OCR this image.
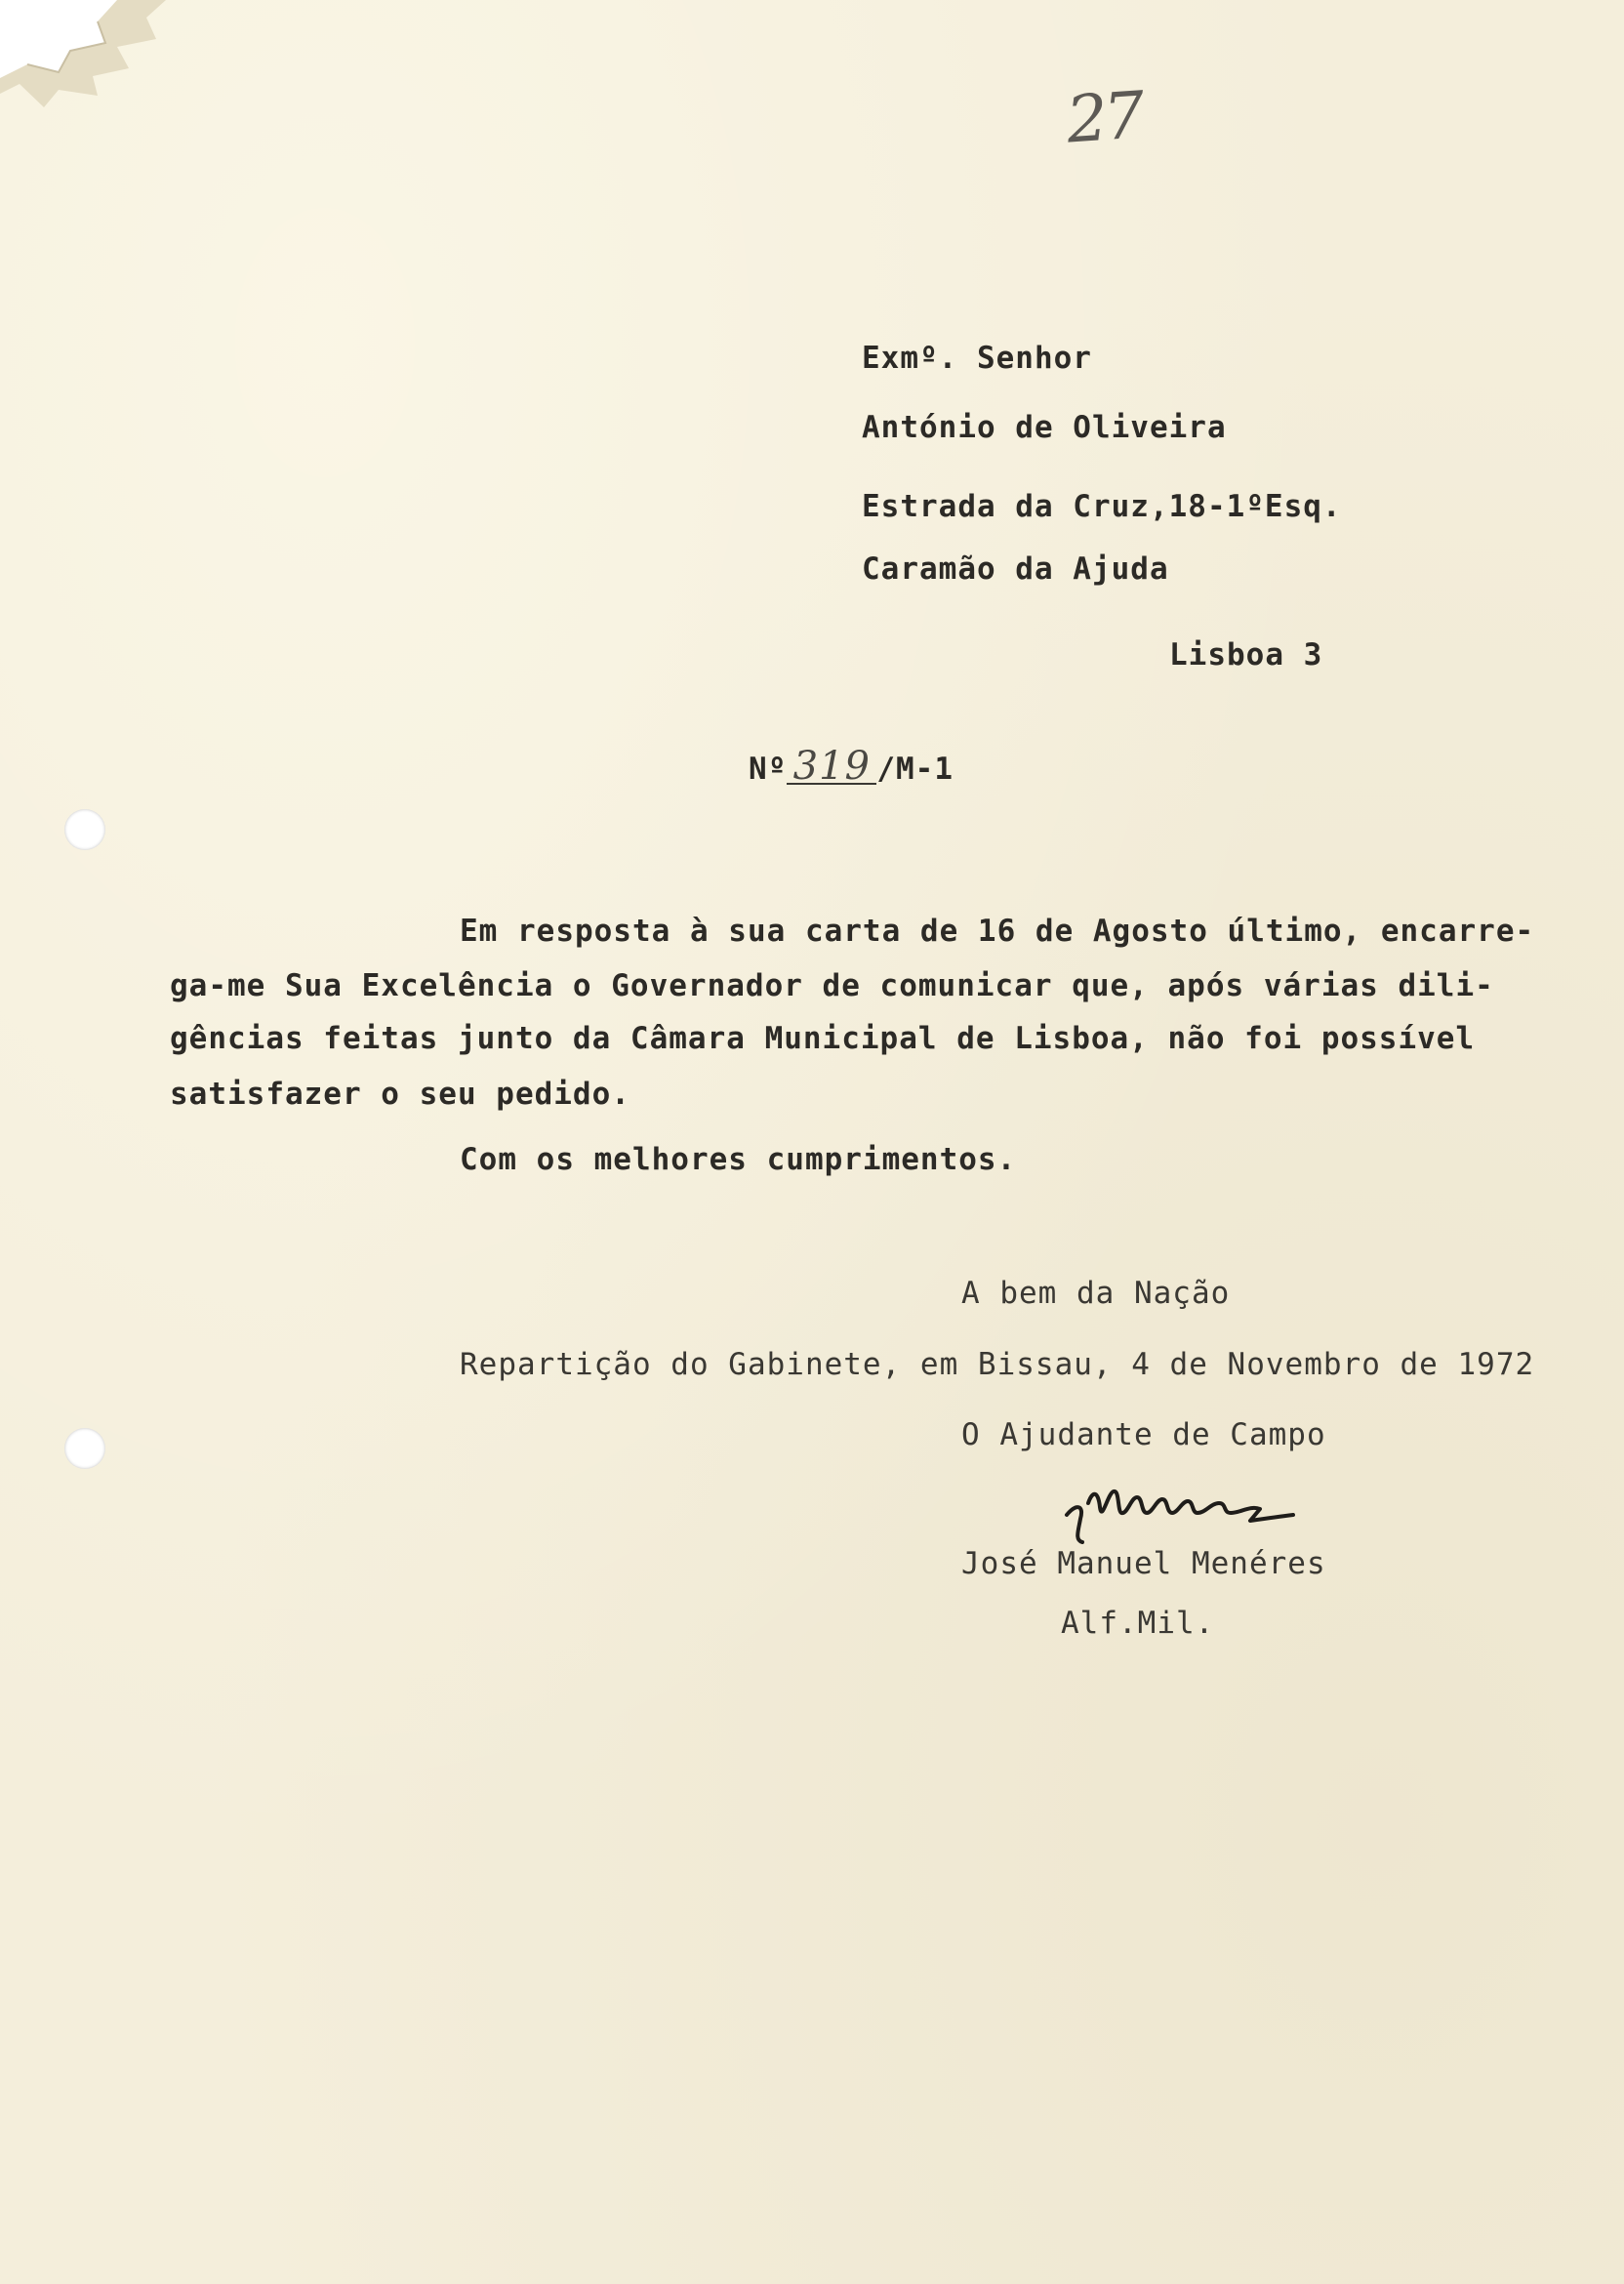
27
Exmº. Senhor
António de Oliveira
Estrada da Cruz,18-1ºEsq.
Caramão da Ajuda
Lisboa 3
Nº 319 /M-1
Em resposta à sua carta de 16 de Agosto último, encarre-
ga-me Sua Excelência o Governador de comunicar que, após várias dili-
gências feitas junto da Câmara Municipal de Lisboa, não foi possível
satisfazer o seu pedido.
Com os melhores cumprimentos.
A bem da Nação
Repartição do Gabinete, em Bissau, 4 de Novembro de 1972
O Ajudante de Campo
José Manuel Menéres
Alf.Mil.
